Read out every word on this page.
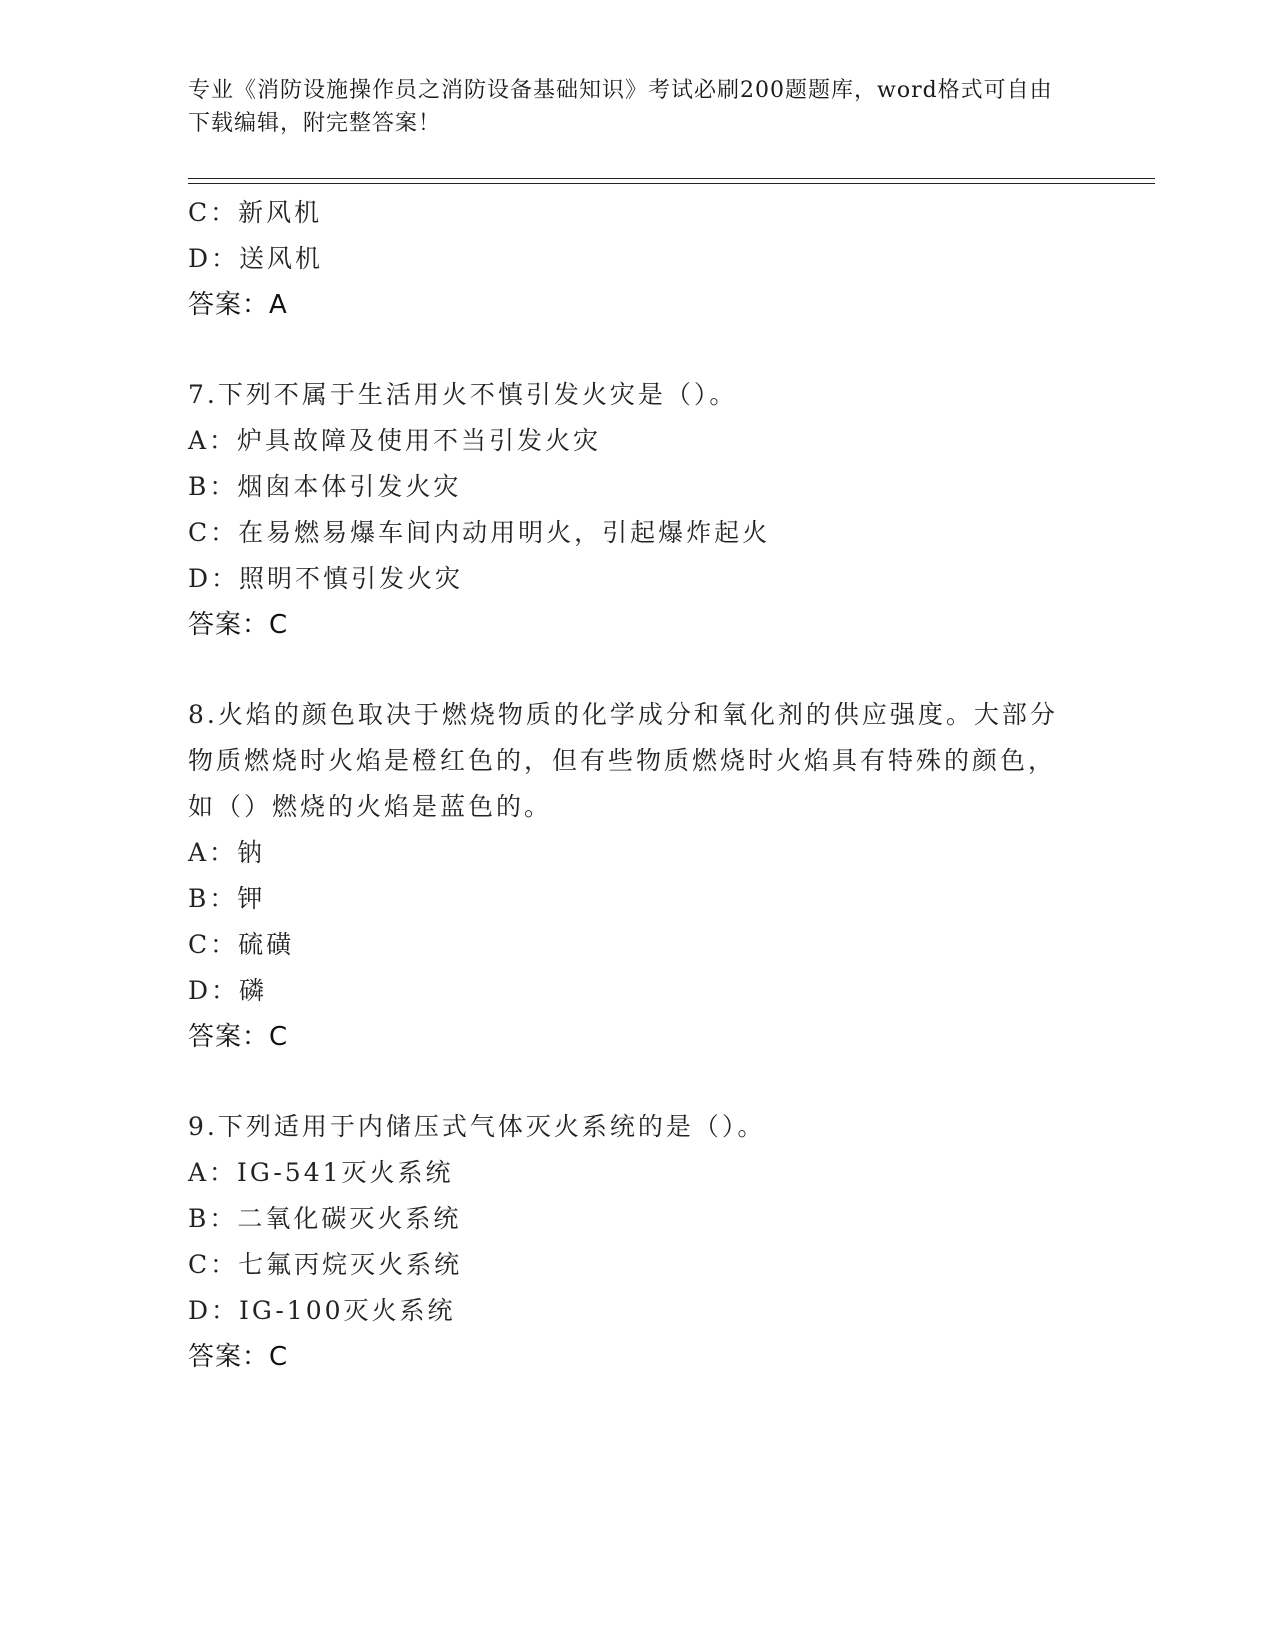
专业《消防设施操作员之消防设备基础知识》考试必刷200题题库，word格式可自由下载编辑，附完整答案！
C：新风机
D：送风机
答案：A
7.下列不属于生活用火不慎引发火灾是（）。
A：炉具故障及使用不当引发火灾
B：烟囱本体引发火灾
C：在易燃易爆车间内动用明火，引起爆炸起火
D：照明不慎引发火灾
答案：C
8.火焰的颜色取决于燃烧物质的化学成分和氧化剂的供应强度。大部分物质燃烧时火焰是橙红色的，但有些物质燃烧时火焰具有特殊的颜色，如（）燃烧的火焰是蓝色的。
A：钠
B：钾
C：硫磺
D：磷
答案：C
9.下列适用于内储压式气体灭火系统的是（）。
A：IG-541灭火系统
B：二氧化碳灭火系统
C：七氟丙烷灭火系统
D：IG-100灭火系统
答案：C
